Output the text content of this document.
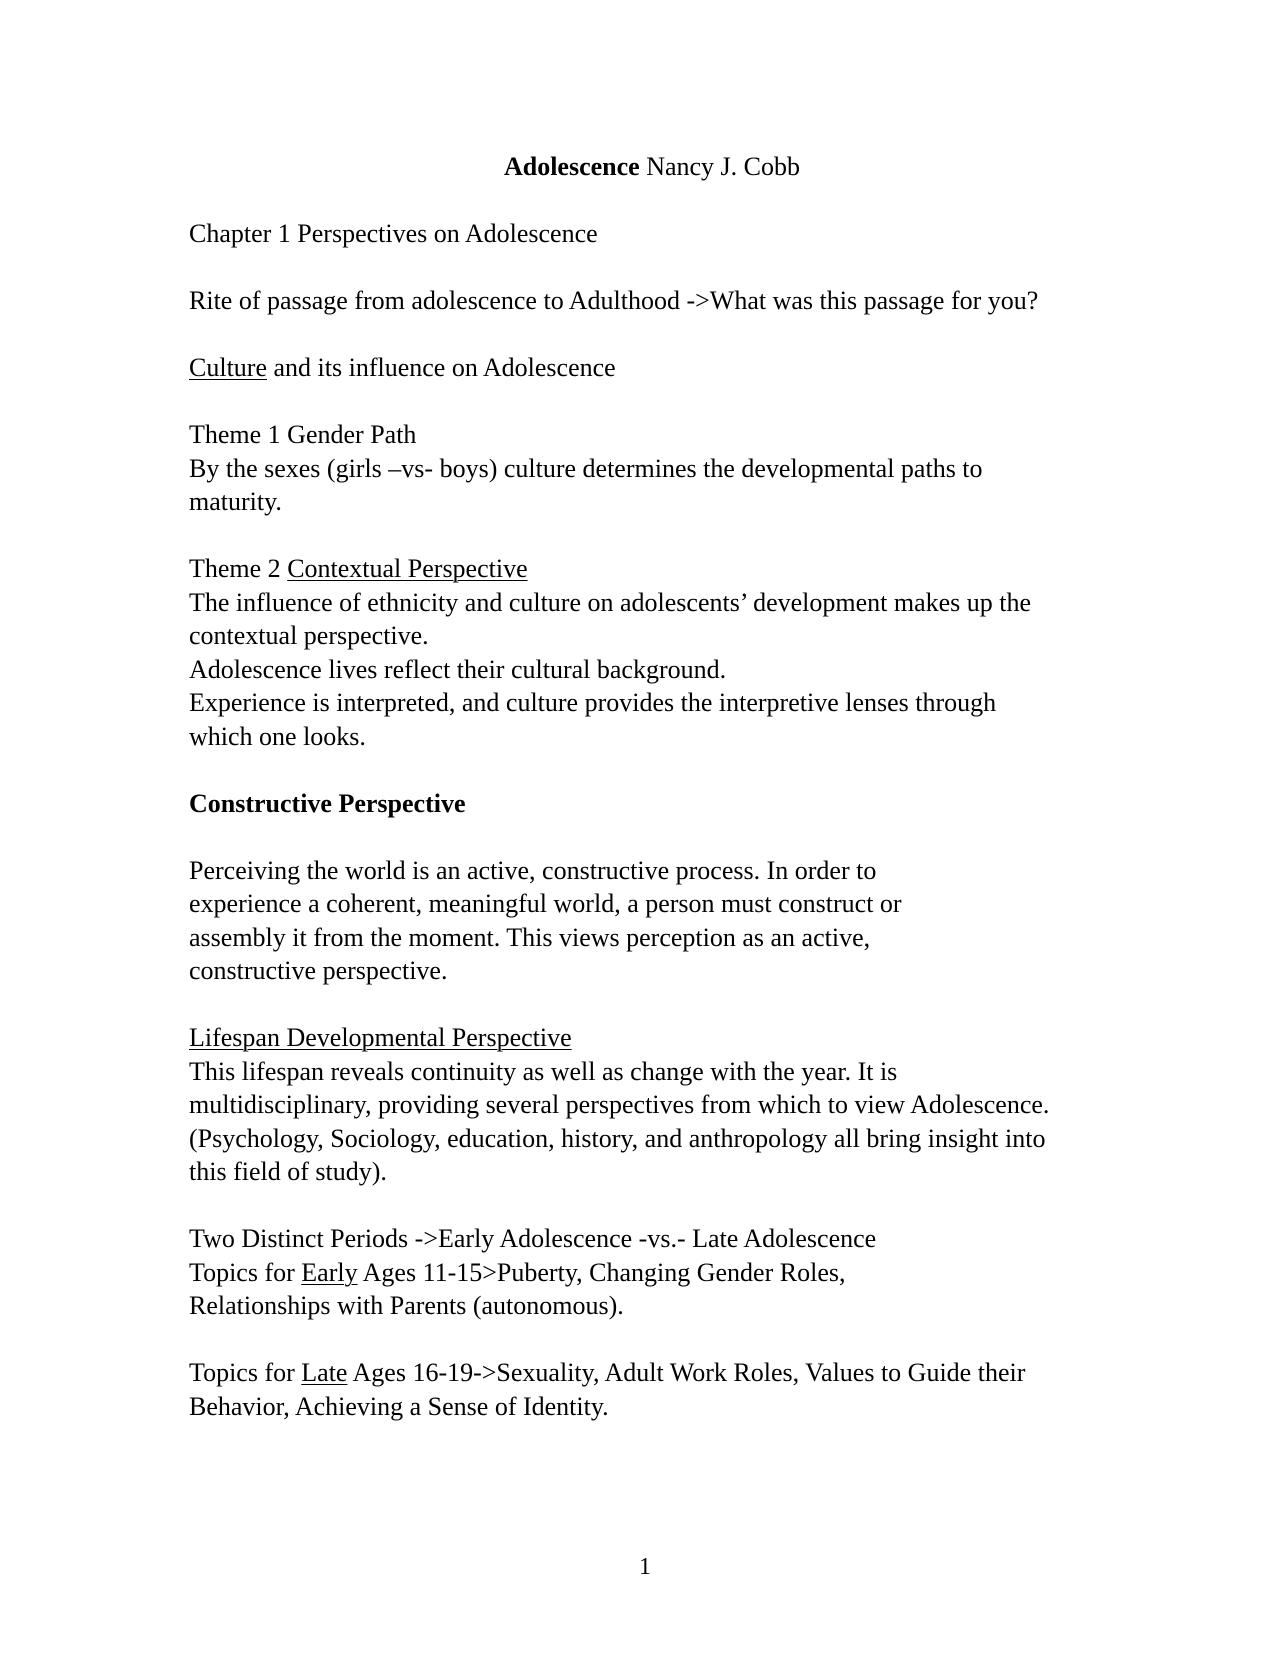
Adolescence Nancy J. Cobb

Chapter 1 Perspectives on Adolescence

Rite of passage from adolescence to Adulthood ->What was this passage for you?

Culture and its influence on Adolescence

Theme 1 Gender Path

By the sexes (girls –vs- boys) culture determines the developmental paths to maturity.

Theme 2 Contextual Perspective

The influence of ethnicity and culture on adolescents’ development makes up the contextual perspective.

Adolescence lives reflect their cultural background.

Experience is interpreted, and culture provides the interpretive lenses through which one looks.

Constructive Perspective

Perceiving the world is an active, constructive process. In order to experience a coherent, meaningful world, a person must construct or assembly it from the moment. This views perception as an active, constructive perspective.

Lifespan Developmental Perspective

This lifespan reveals continuity as well as change with the year. It is multidisciplinary, providing several perspectives from which to view Adolescence. (Psychology, Sociology, education, history, and anthropology all bring insight into this field of study).

Two Distinct Periods ->Early Adolescence -vs.- Late Adolescence

Topics for Early Ages 11-15>Puberty, Changing Gender Roles, Relationships with Parents (autonomous).

Topics for Late Ages 16-19->Sexuality, Adult Work Roles, Values to Guide their Behavior, Achieving a Sense of Identity.

1
